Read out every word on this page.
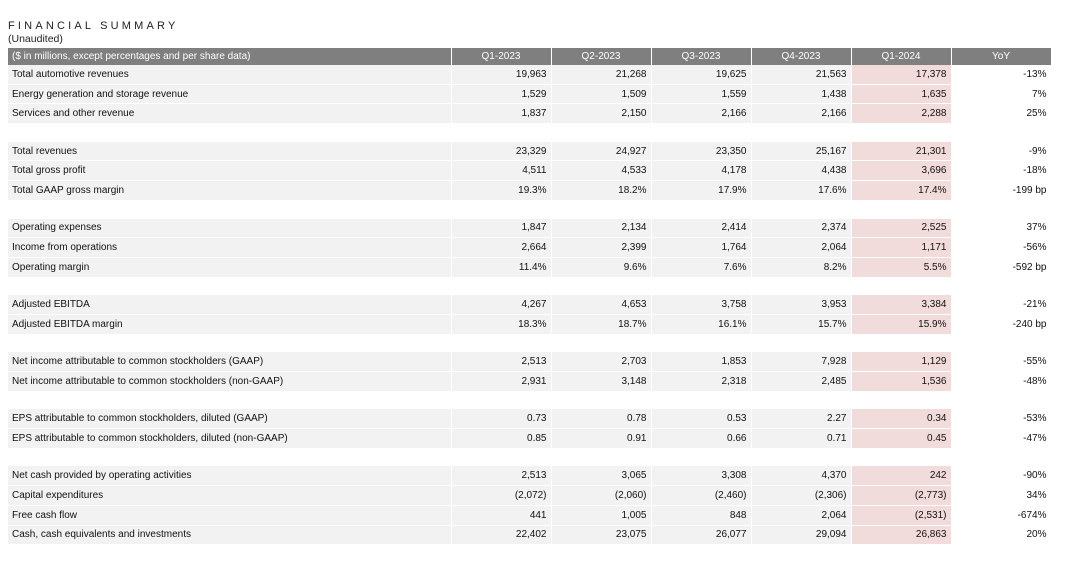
FINANCIAL SUMMARY

(Unaudited)

($ in millions, except percentages and per share data)	Q1-2023	Q2-2023	Q3-2023	Q4-2023	Q1-2024	YoY
Total automotive revenues	19,963	21,268	19,625	21,563	17,378	-13%
Energy generation and storage revenue	1,529	1,509	1,559	1,438	1,635	7%
Services and other revenue	1,837	2,150	2,166	2,166	2,288	25%

Total revenues	23,329	24,927	23,350	25,167	21,301	-9%
Total gross profit	4,511	4,533	4,178	4,438	3,696	-18%
Total GAAP gross margin	19.3%	18.2%	17.9%	17.6%	17.4%	-199 bp

Operating expenses	1,847	2,134	2,414	2,374	2,525	37%
Income from operations	2,664	2,399	1,764	2,064	1,171	-56%
Operating margin	11.4%	9.6%	7.6%	8.2%	5.5%	-592 bp

Adjusted EBITDA	4,267	4,653	3,758	3,953	3,384	-21%
Adjusted EBITDA margin	18.3%	18.7%	16.1%	15.7%	15.9%	-240 bp

Net income attributable to common stockholders (GAAP)	2,513	2,703	1,853	7,928	1,129	-55%
Net income attributable to common stockholders (non-GAAP)	2,931	3,148	2,318	2,485	1,536	-48%

EPS attributable to common stockholders, diluted (GAAP)	0.73	0.78	0.53	2.27	0.34	-53%
EPS attributable to common stockholders, diluted (non-GAAP)	0.85	0.91	0.66	0.71	0.45	-47%

Net cash provided by operating activities	2,513	3,065	3,308	4,370	242	-90%
Capital expenditures	(2,072)	(2,060)	(2,460)	(2,306)	(2,773)	34%
Free cash flow	441	1,005	848	2,064	(2,531)	-674%
Cash, cash equivalents and investments	22,402	23,075	26,077	29,094	26,863	20%
